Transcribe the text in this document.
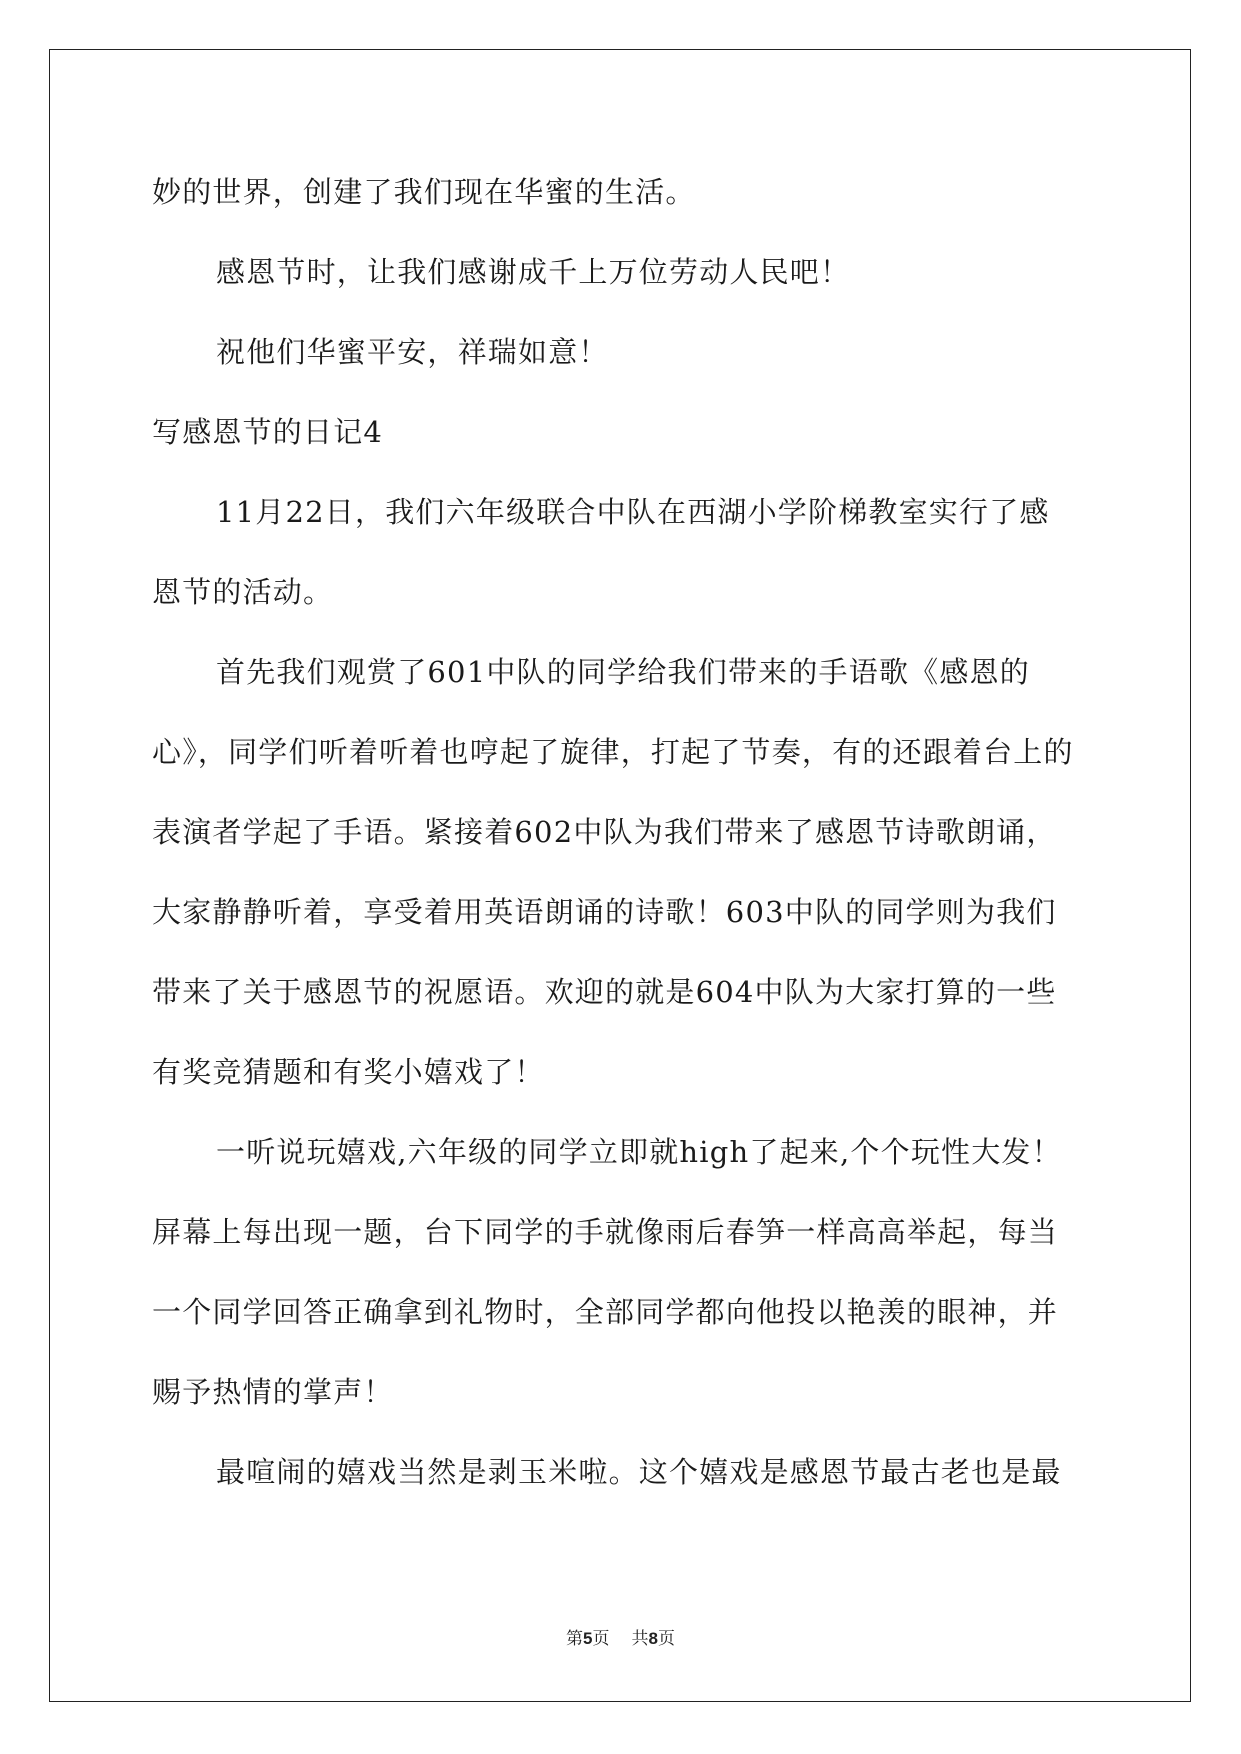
妙的世界，创建了我们现在华蜜的生活。
感恩节时，让我们感谢成千上万位劳动人民吧！
祝他们华蜜平安，祥瑞如意！
写感恩节的日记4
11月22日，我们六年级联合中队在西湖小学阶梯教室实行了感
恩节的活动。
首先我们观赏了601中队的同学给我们带来的手语歌《感恩的
心》，同学们听着听着也哼起了旋律，打起了节奏，有的还跟着台上的
表演者学起了手语。紧接着602中队为我们带来了感恩节诗歌朗诵，
大家静静听着，享受着用英语朗诵的诗歌！603中队的同学则为我们
带来了关于感恩节的祝愿语。欢迎的就是604中队为大家打算的一些
有奖竞猜题和有奖小嬉戏了！
一听说玩嬉戏,六年级的同学立即就high了起来,个个玩性大发！
屏幕上每出现一题，台下同学的手就像雨后春笋一样高高举起，每当
一个同学回答正确拿到礼物时，全部同学都向他投以艳羡的眼神，并
赐予热情的掌声！
最喧闹的嬉戏当然是剥玉米啦。这个嬉戏是感恩节最古老也是最
第5页 共8页
